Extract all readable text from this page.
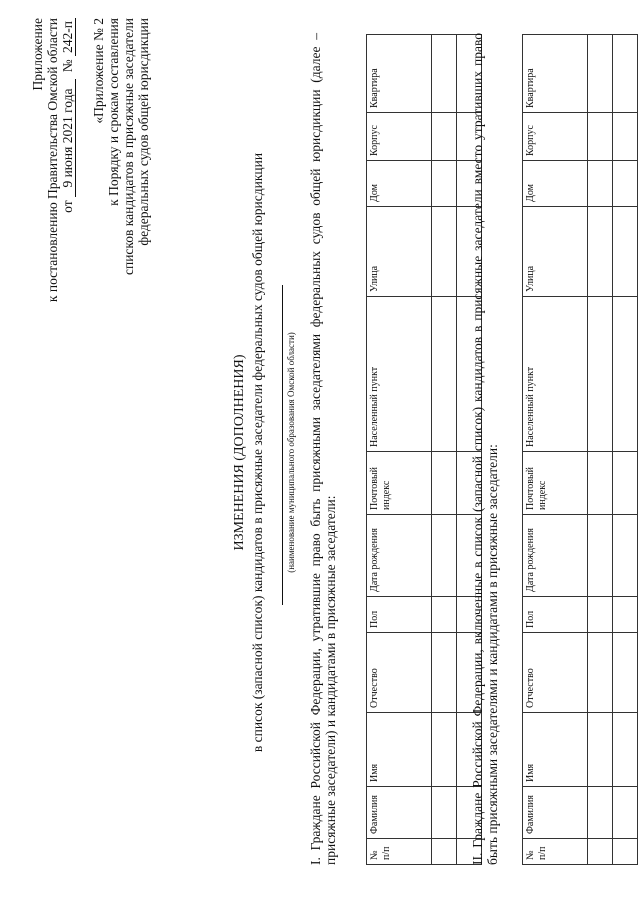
Приложение к постановлению Правительства Омской области от 9 июня 2021 года  № 242-п «Приложение № 2 к Порядку и срокам составления списков кандидатов в присяжные заседатели федеральных судов общей юрисдикции
ИЗМЕНЕНИЯ (ДОПОЛНЕНИЯ) в список (запасной список) кандидатов в присяжные заседатели федеральных судов общей юрисдикции (наименование муниципального образования Омской области) I. Граждане Российской Федерации, утратившие право быть присяжными заседателями федеральных судов общей юрисдикции (далее – присяжные заседатели) и кандидатами в присяжные заседатели:	№ п/п	Фамилия	Имя	Отчество	Пол	Дата рождения	Почтовый индекс	Населенный пункт	Улица	Дом	Корпус	Квартира

												II. Граждане Российской Федерации, включенные в список (запасной список) кандидатов в присяжные заседатели вместо утративших право быть присяжными заседателями и кандидатами в присяжные заседатели:	№ п/п	Фамилия	Имя	Отчество	Пол	Дата рождения	Почтовый индекс	Населенный пункт	Улица	Дом	Корпус	Квартира
